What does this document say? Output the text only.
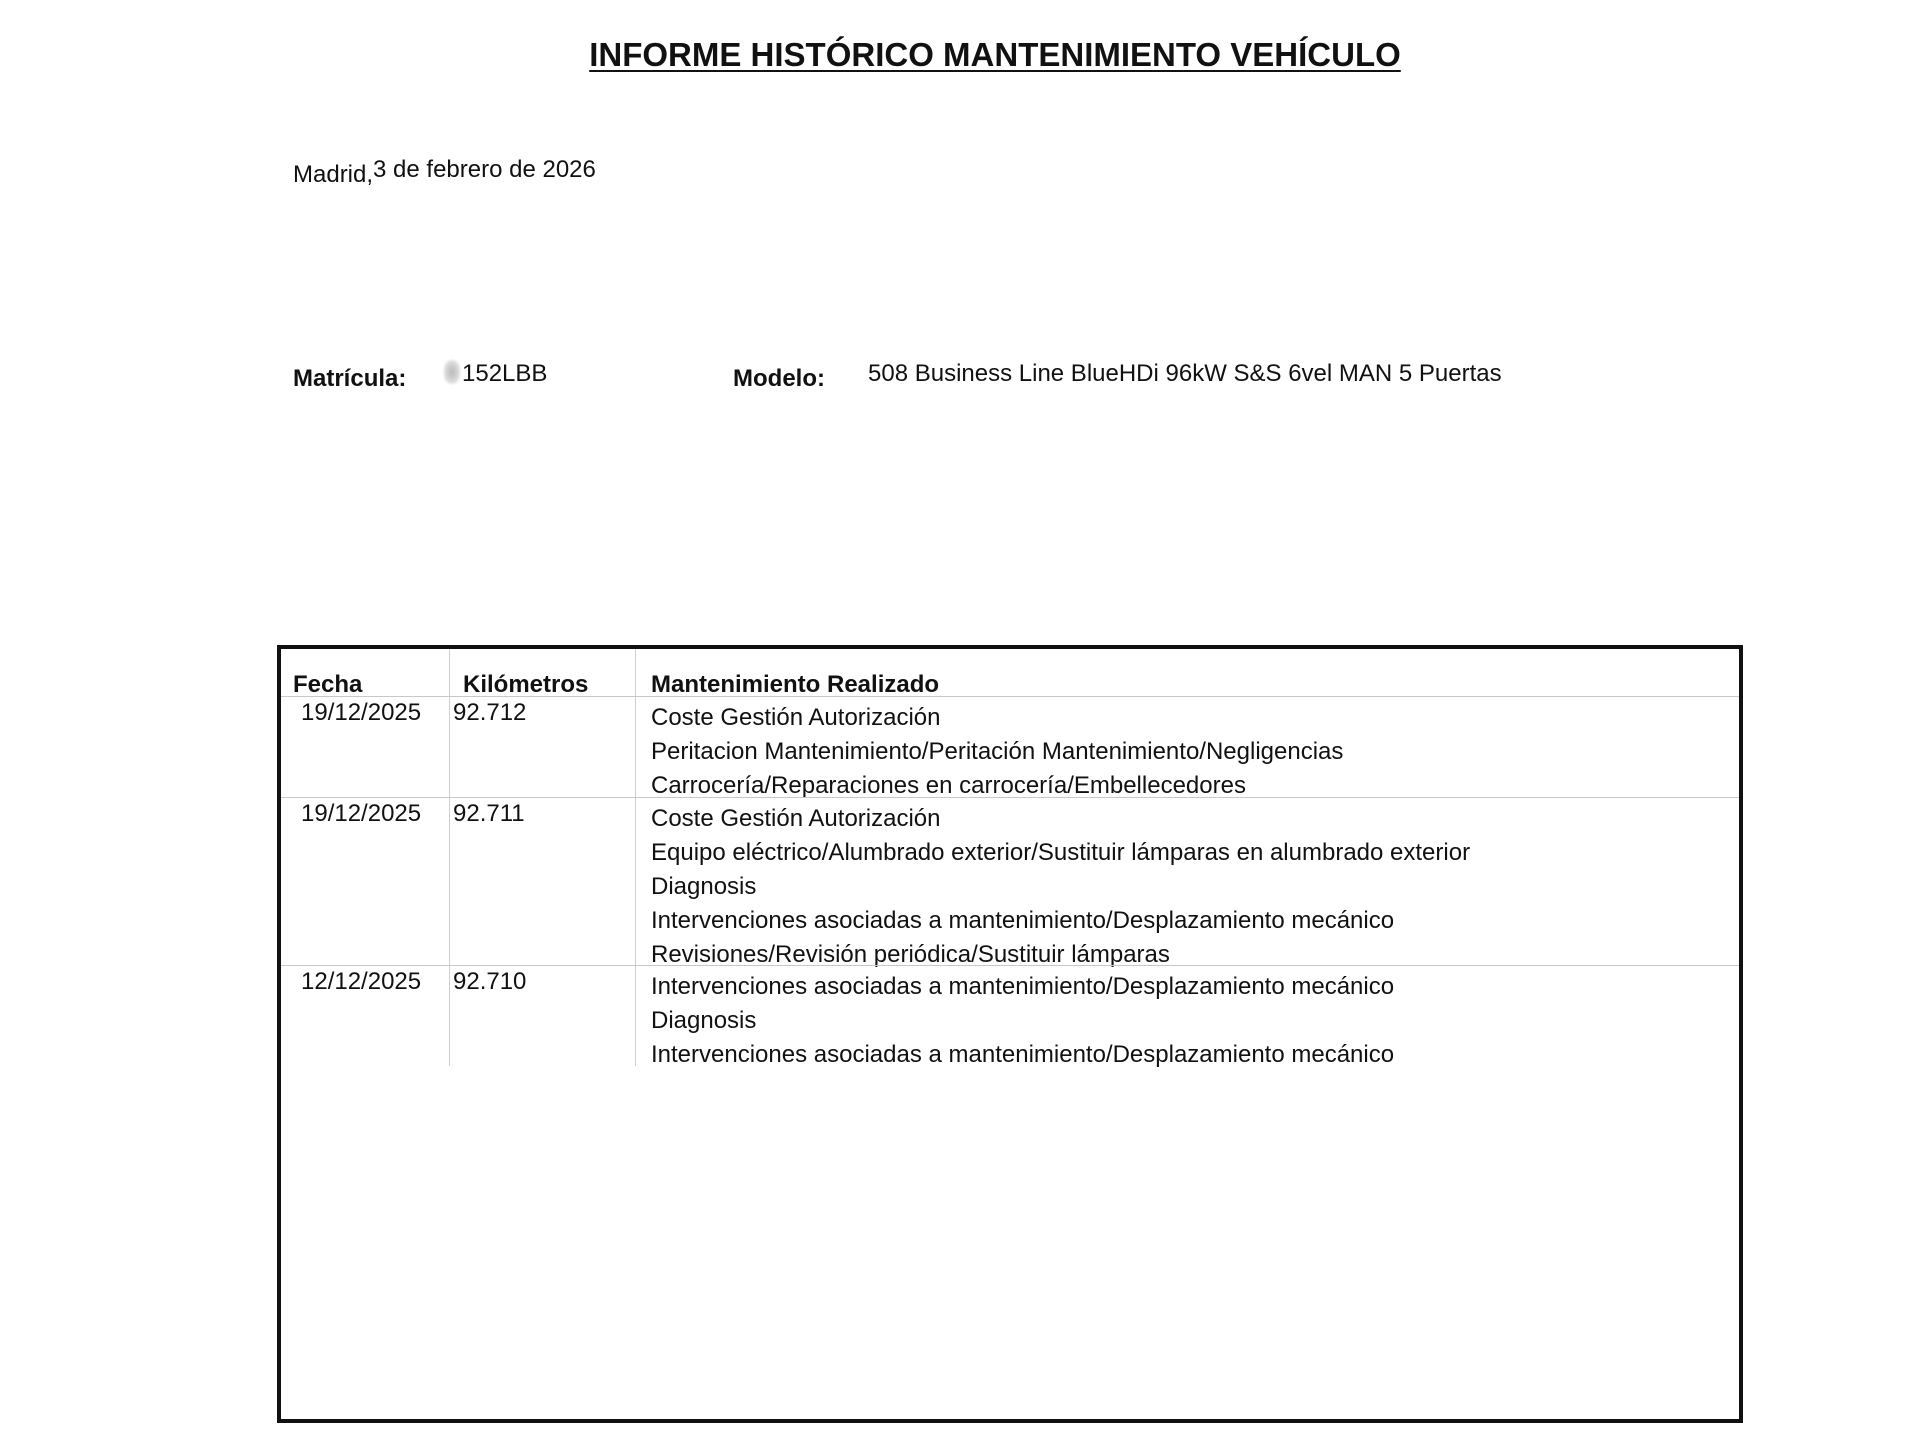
INFORME HISTÓRICO MANTENIMIENTO VEHÍCULO
Madrid,3 de febrero de 2026
Matrícula:	152LBB	Modelo: 508 Business Line BlueHDi 96kW S&S 6vel MAN 5 Puertas
Fecha	Kilómetros	Mantenimiento Realizado
19/12/2025 92.712	Coste Gestión Autorización
Peritacion Mantenimiento/Peritación Mantenimiento/Negligencias
Carrocería/Reparaciones en carrocería/Embellecedores
19/12/2025 92.711	Coste Gestión Autorización
Equipo eléctrico/Alumbrado exterior/Sustituir lámparas en alumbrado exterior
Diagnosis
Intervenciones asociadas a mantenimiento/Desplazamiento mecánico
Revisiones/Revisión periódica/Sustituir lámparas
12/12/2025 92.710	Intervenciones asociadas a mantenimiento/Desplazamiento mecánico
Diagnosis
Intervenciones asociadas a mantenimiento/Desplazamiento mecánico
